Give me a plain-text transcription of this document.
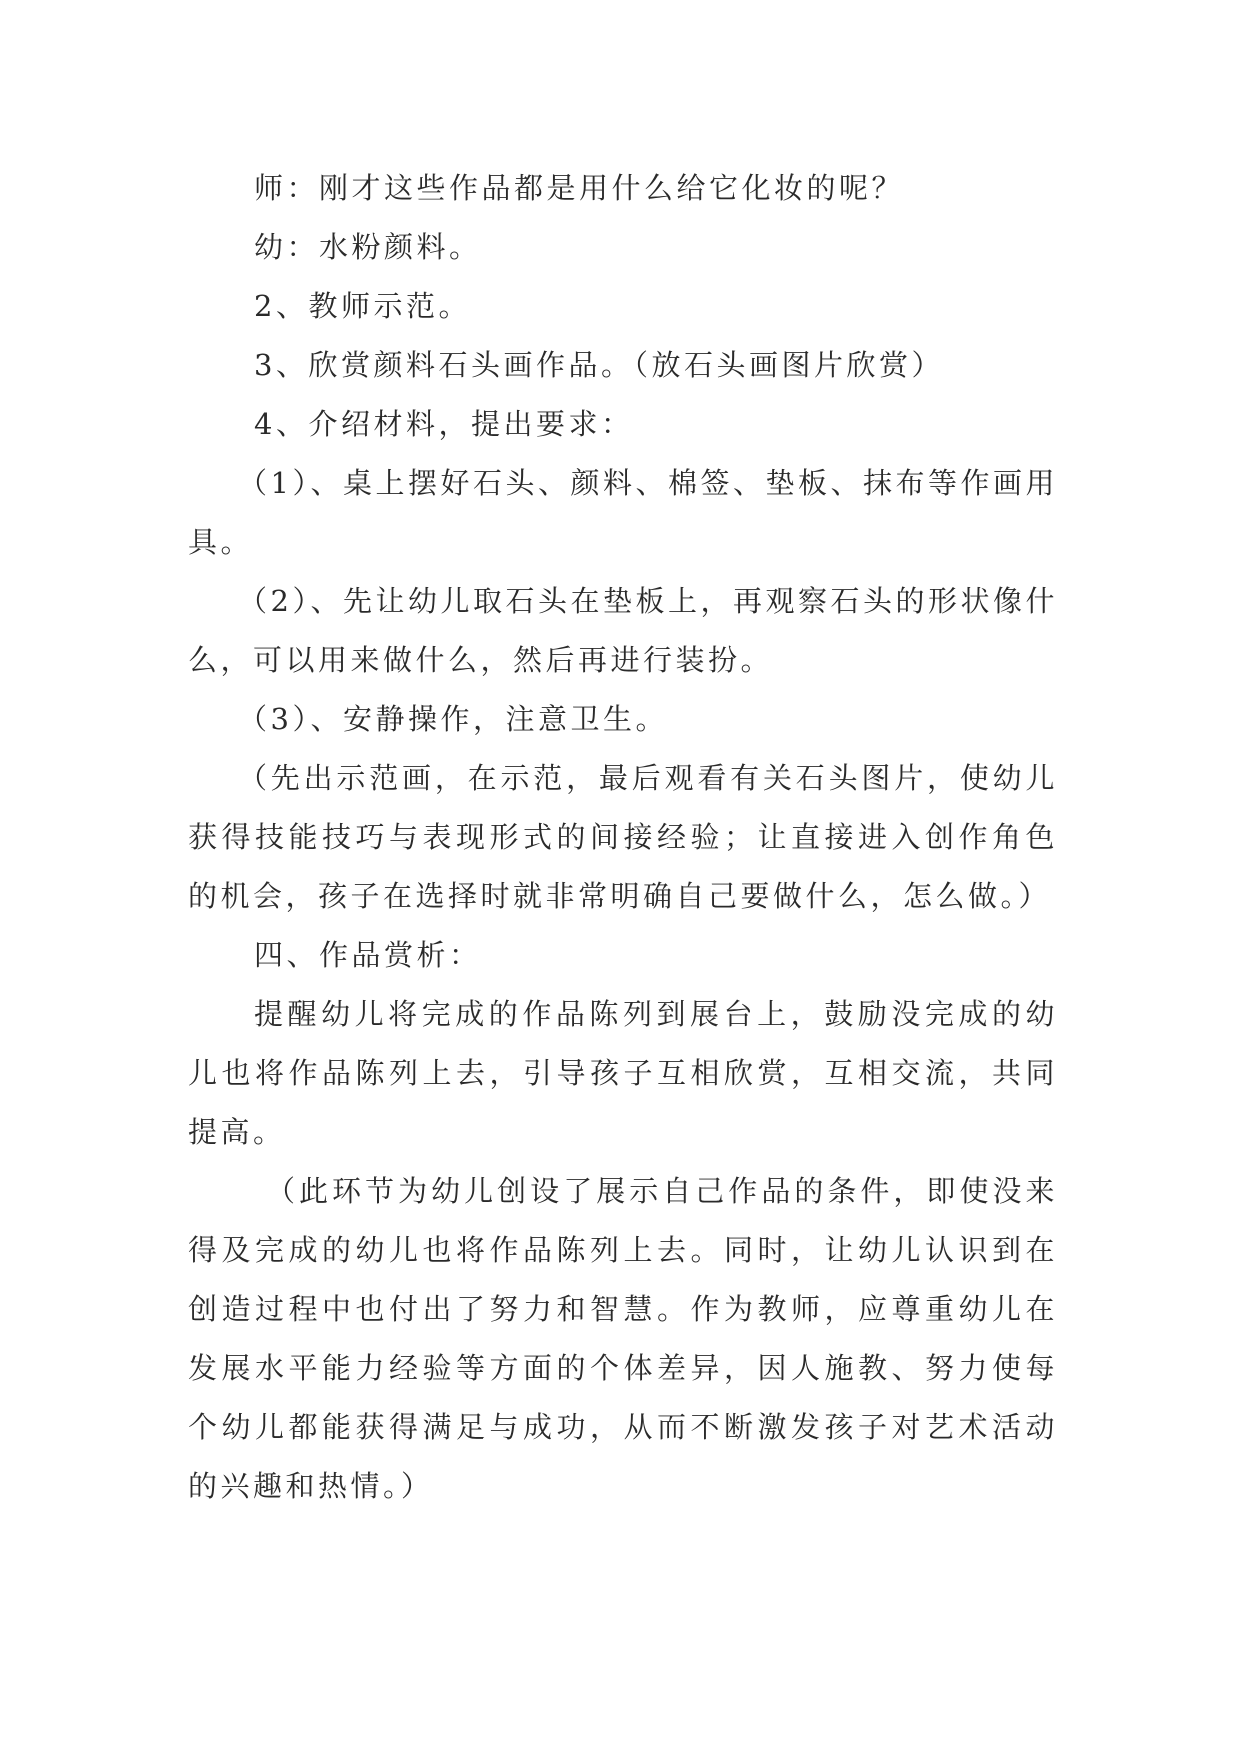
师：刚才这些作品都是用什么给它化妆的呢？

幼：水粉颜料。

2、教师示范。

3、欣赏颜料石头画作品。（放石头画图片欣赏）

4、介绍材料，提出要求：

（1）、桌上摆好石头、颜料、棉签、垫板、抹布等作画用具。

（2）、先让幼儿取石头在垫板上，再观察石头的形状像什么，可以用来做什么，然后再进行装扮。

（3）、安静操作，注意卫生。

（先出示范画，在示范，最后观看有关石头图片，使幼儿获得技能技巧与表现形式的间接经验；让直接进入创作角色的机会，孩子在选择时就非常明确自己要做什么，怎么做。）

四、作品赏析：

提醒幼儿将完成的作品陈列到展台上，鼓励没完成的幼儿也将作品陈列上去，引导孩子互相欣赏，互相交流，共同提高。

（此环节为幼儿创设了展示自己作品的条件，即使没来得及完成的幼儿也将作品陈列上去。同时，让幼儿认识到在创造过程中也付出了努力和智慧。作为教师，应尊重幼儿在发展水平能力经验等方面的个体差异，因人施教、努力使每个幼儿都能获得满足与成功，从而不断激发孩子对艺术活动的兴趣和热情。）
